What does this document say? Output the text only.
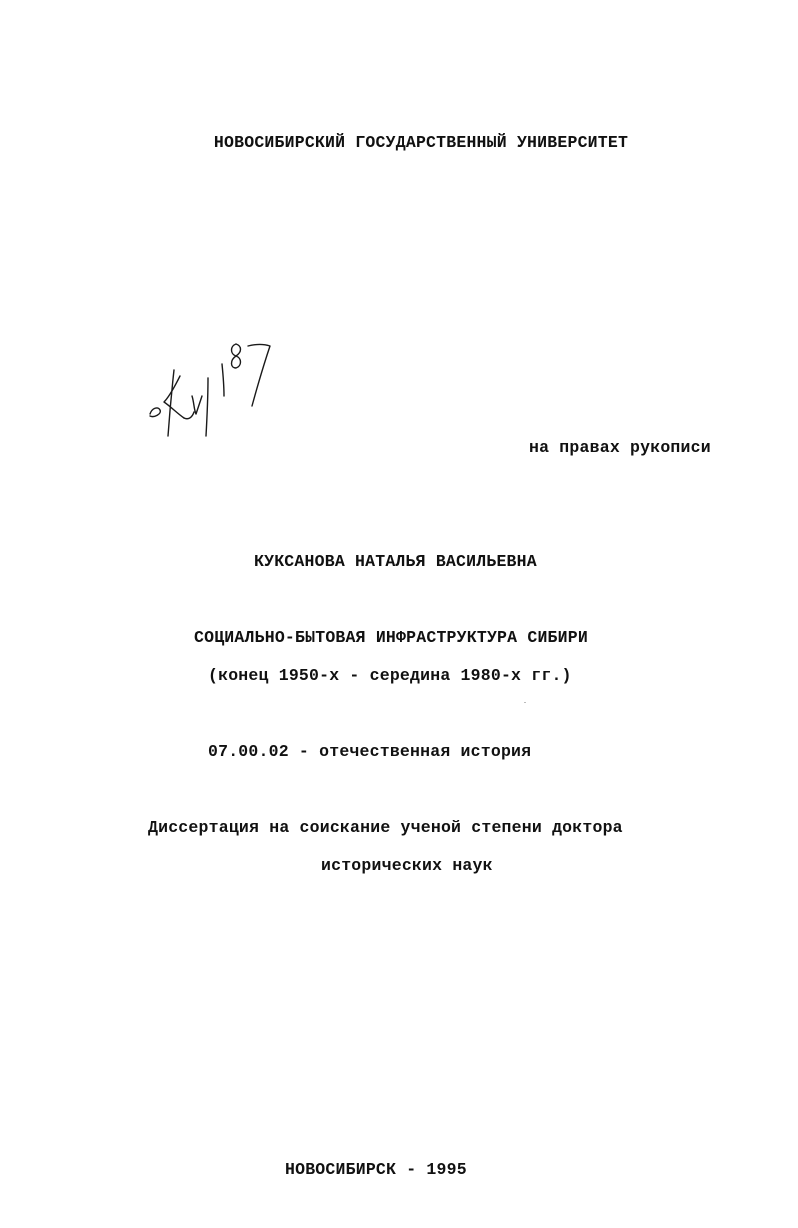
НОВОСИБИРСКИЙ ГОСУДАРСТВЕННЫЙ УНИВЕРСИТЕТ
на правах рукописи
КУКСАНОВА НАТАЛЬЯ ВАСИЛЬЕВНА
СОЦИАЛЬНО-БЫТОВАЯ ИНФРАСТРУКТУРА СИБИРИ
(конец 1950-х - середина 1980-х гг.)
07.00.02 - отечественная история
Диссертация на соискание ученой степени доктора
исторических наук
НОВОСИБИРСК - 1995
